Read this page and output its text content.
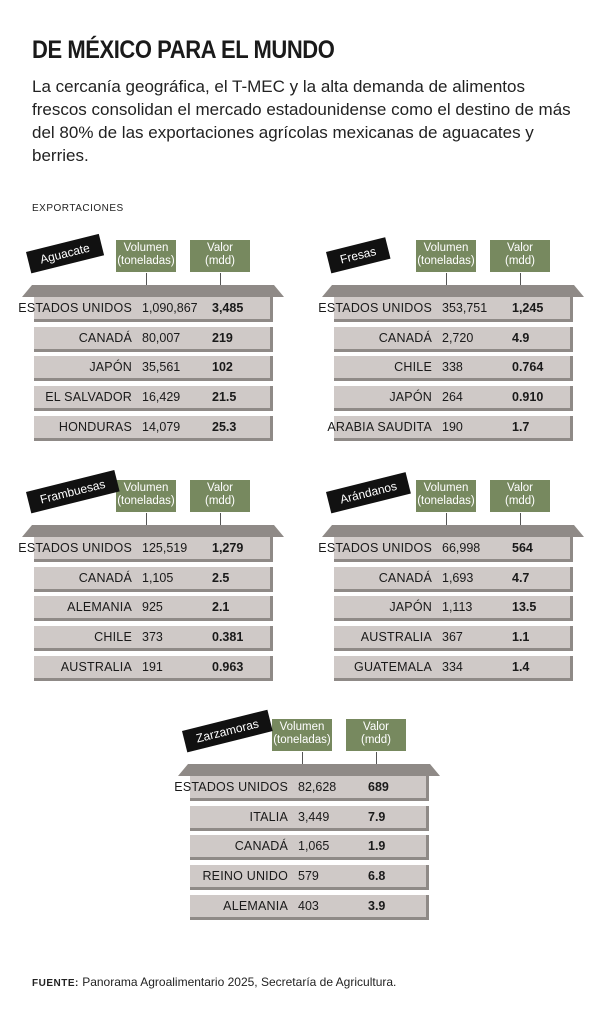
DE MÉXICO PARA EL MUNDO
La cercanía geográfica, el T-MEC y la alta demanda de alimentos frescos consolidan el mercado estadounidense como el destino de más del 80% de las exportaciones agrícolas mexicanas de aguacates y berries.
EXPORTACIONES
Volumen
(toneladas)
Valor
(mdd)
Aguacate
ESTADOS UNIDOS 1,090,867 3,485
CANADÁ 80,007	219
JAPÓN 35,561	102
EL SALVADOR 16,429	21.5
HONDURAS 14,079	25.3
Volumen
(toneladas)
Valor
(mdd)
Fresas
ESTADOS UNIDOS 353,751 1,245
CANADÁ 2,720	4.9
CHILE 338	0.764
JAPÓN 264	0.910
ARABIA SAUDITA 190	1.7
Volumen
(toneladas)
Valor
(mdd)
Frambuesas
ESTADOS UNIDOS 125,519 1,279
CANADÁ 1,105	2.5
ALEMANIA 925	2.1
CHILE 373	0.381
AUSTRALIA 191	0.963
Volumen
(toneladas)
Valor
(mdd)
Arándanos
ESTADOS UNIDOS 66,998	564
CANADÁ 1,693	4.7
JAPÓN 1,113	13.5
AUSTRALIA 367	1.1
GUATEMALA 334	1.4
Volumen
(toneladas)
Valor
(mdd)
Zarzamoras
ESTADOS UNIDOS 82,628	689
ITALIA 3,449	7.9
CANADÁ 1,065	1.9
REINO UNIDO 579	6.8
ALEMANIA 403	3.9
FUENTE: Panorama Agroalimentario 2025, Secretaría de Agricultura.
